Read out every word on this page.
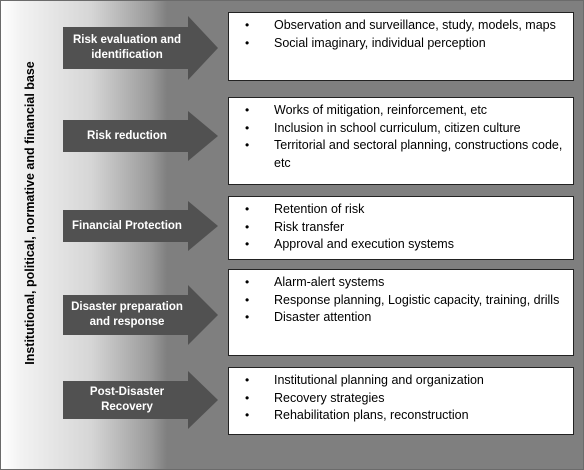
Institutional, political, normative and financial base
Risk evaluation and identification
• Observation and surveillance, study, models, maps
• Social imaginary, individual perception
Risk reduction
• Works of mitigation, reinforcement, etc
• Inclusion in school curriculum, citizen culture
• Territorial and sectoral planning, constructions code, etc
Financial Protection
• Retention of risk
• Risk transfer
• Approval and execution systems
Disaster preparation and response
• Alarm-alert systems
• Response planning, Logistic capacity, training, drills
• Disaster attention
Post-Disaster Recovery
• Institutional planning and organization
• Recovery strategies
• Rehabilitation plans, reconstruction
